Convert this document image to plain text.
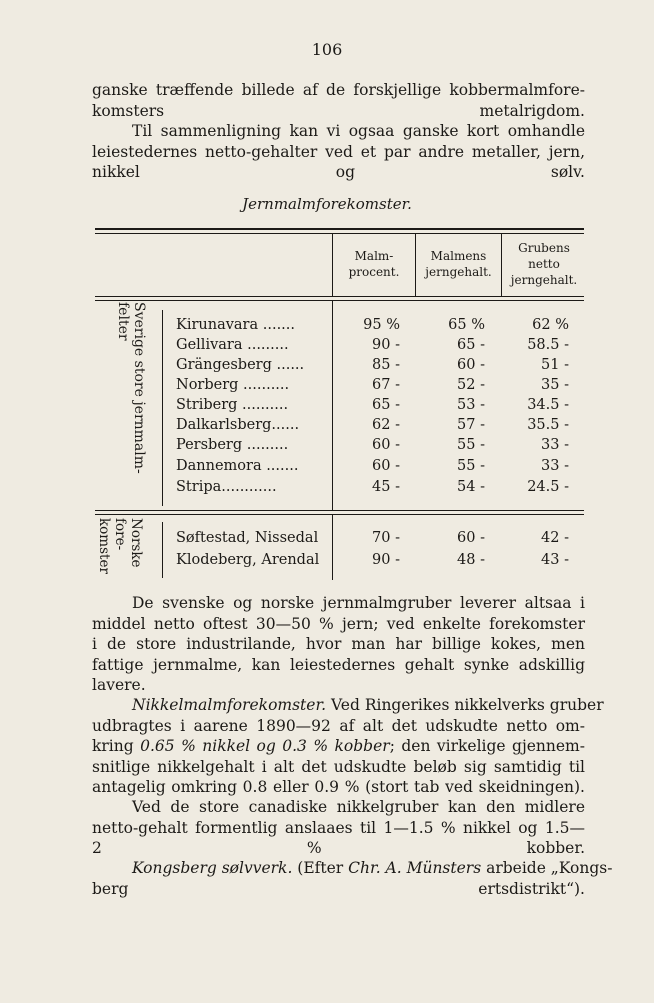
106
ganske træffende billede af de forskjellige kobbermalmfore-
komsters metalrigdom.
Til sammenligning kan vi ogsaa ganske kort omhandle
leiestedernes netto-gehalter ved et par andre metaller, jern,
nikkel og sølv.
Jernmalmforekomster.
Malm-
procent.
Malmens
jerngehalt.
Grubens
netto
jerngehalt.
Sverige store jernmalm-
felter	Kirunavara .......
Gellivara .........
Grängesberg ......
Norberg ..........
Striberg ..........
Dalkarlsberg......
Persberg .........
Dannemora .......
Stripa............
95 %
90 -
85 -
67 -
65 -
62 -
60 -
60 -
45 -
65 %
65 -
60 -
52 -
53 -
57 -
55 -
55 -
54 -
62 %
58.5 -
51 -
35 -
34.5 -
35.5 -
33 -
33 -
24.5 -
Norske
fore-
komster	Søftestad, Nissedal
Klodeberg, Arendal
70 -
90 -
60 -
48 -
42 -
43 -
De svenske og norske jernmalmgruber leverer altsaa i
middel netto oftest 30—50 % jern; ved enkelte forekomster
i de store industrilande, hvor man har billige kokes, men
fattige jernmalme, kan leiestedernes gehalt synke adskillig
lavere.
Nikkelmalmforekomster. Ved Ringerikes nikkelverks gruber
udbragtes i aarene 1890—92 af alt det udskudte netto om-
kring 0.65 % nikkel og 0.3 % kobber; den virkelige gjennem-
snitlige nikkelgehalt i alt det udskudte beløb sig samtidig til
antagelig omkring 0.8 eller 0.9 % (stort tab ved skeidningen).
Ved de store canadiske nikkelgruber kan den midlere
netto-gehalt formentlig anslaaes til 1—1.5 % nikkel og 1.5—
2 % kobber.
Kongsberg sølvverk. (Efter Chr. A. Münsters arbeide „Kongs-
berg ertsdistrikt“).
